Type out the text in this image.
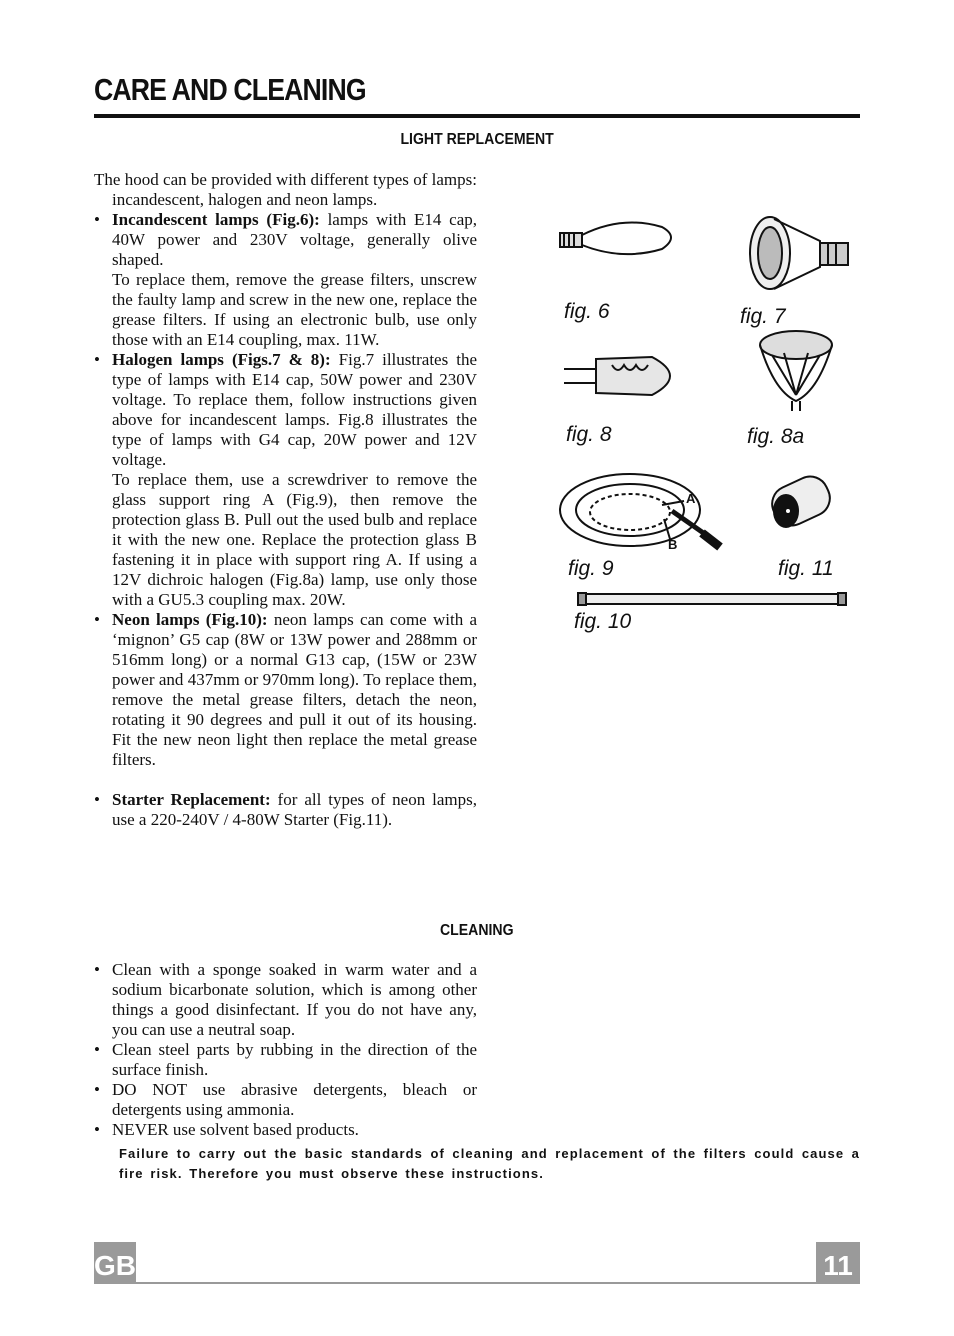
CARE AND CLEANING
LIGHT REPLACEMENT

The hood can be provided with different types of lamps: incandescent, halogen and neon lamps.

• Incandescent lamps (Fig.6): lamps with E14 cap, 40W power and 230V voltage, generally olive shaped.

To replace them, remove the grease filters, unscrew the faulty lamp and screw in the new one, replace the grease filters. If using an electronic bulb, use only those with an E14 coupling, max. 11W.

• Halogen lamps (Figs.7 & 8): Fig.7 illustrates the type of lamps with E14 cap, 50W power and 230V voltage. To replace them, follow instructions given above for incandescent lamps. Fig.8 illustrates the type of lamps with G4 cap, 20W power and 12V voltage.

To replace them, use a screwdriver to remove the glass support ring A (Fig.9), then remove the protection glass B. Pull out the used bulb and replace it with the new one. Replace the protection glass B fastening it in place with support ring A. If using a 12V dichroic halogen (Fig.8a) lamp, use only those with a GU5.3 coupling max. 20W.

• Neon lamps (Fig.10): neon lamps can come with a ‘mignon’ G5 cap (8W or 13W power and 288mm or 516mm long) or a normal G13 cap, (15W or 23W power and 437mm or 970mm long). To replace them, remove the metal grease filters, detach the neon, rotating it 90 degrees and pull it out of its housing. Fit the new neon light then replace the metal grease filters.
• Starter Replacement: for all types of neon lamps, use a 220-240V / 4-80W Starter (Fig.11).
fig. 6	fig. 7
fig. 8	fig. 8a
fig. 9	fig. 11
fig. 10
A
B
CLEANING
• Clean with a sponge soaked in warm water and a sodium bicarbonate solution, which is among other things a good disinfectant. If you do not have any, you can use a neutral soap.
• Clean steel parts by rubbing in the direction of the surface finish.
• DO NOT use abrasive detergents, bleach or detergents using ammonia.
• NEVER use solvent based products.

Failure to carry out the basic standards of cleaning and replacement of the filters could cause a fire risk. Therefore you must observe these instructions.

GB	11
